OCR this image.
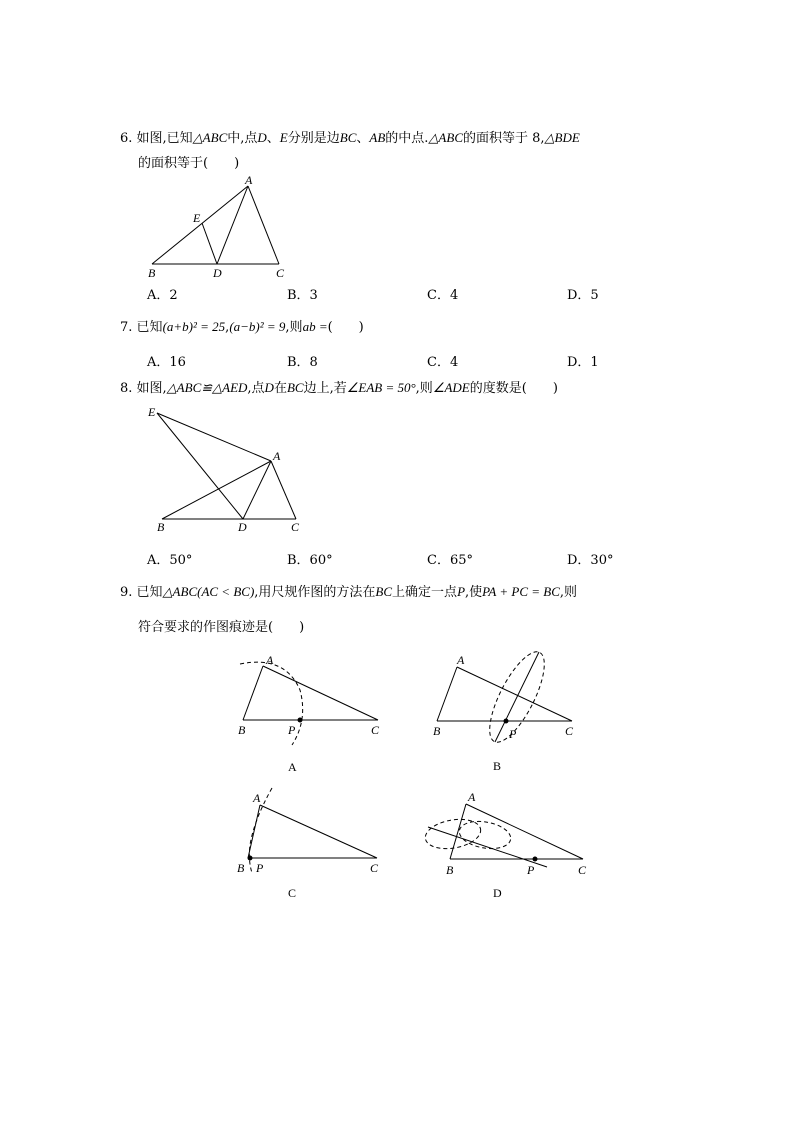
6. 如图,已知△ABC中,点D、E分别是边BC、AB的中点.△ABC的面积等于 8,△BDE
的面积等于(　　)
A
E
B	D	C
A．2	B．3	C．4	D．5
7. 已知(a+b)² = 25,(a−b)² = 9,则ab =(　　)
A．16	B．8	C．4	D．1
8. 如图,△ABC≌△AED,点D在BC边上,若∠EAB = 50°,则∠ADE的度数是(　　)
E
A
B	D	C
A．50°	B．60°	C．65°	D．30°
9. 已知△ABC(AC < BC),用尺规作图的方法在BC上确定一点P,使PA + PC = BC,则
符合要求的作图痕迹是(　　)
A
B	P	C
A
A
B	P	C
B
A
B P	C
C
A
B	P	C
D
